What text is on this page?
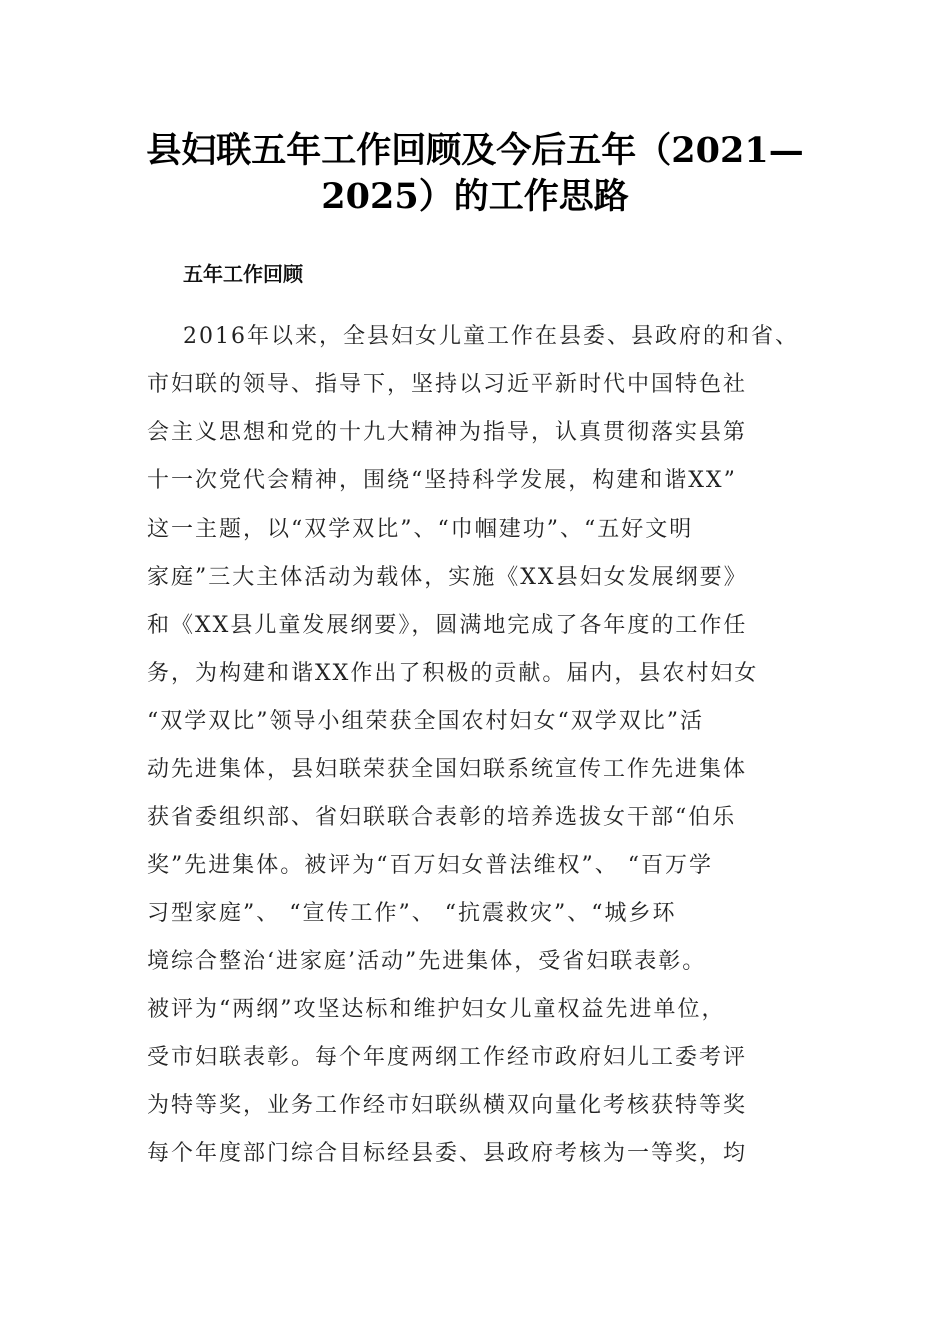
县妇联五年工作回顾及今后五年（2021—
2025）的工作思路
五年工作回顾
2016年以来，全县妇女儿童工作在县委、县政府的和省、
市妇联的领导、指导下，坚持以习近平新时代中国特色社
会主义思想和党的十九大精神为指导，认真贯彻落实县第
十一次党代会精神，围绕“坚持科学发展，构建和谐XX”
这一主题，以“双学双比”、“巾帼建功”、“五好文明
家庭”三大主体活动为载体，实施《XX县妇女发展纲要》
和《XX县儿童发展纲要》，圆满地完成了各年度的工作任
务，为构建和谐XX作出了积极的贡献。届内，县农村妇女
“双学双比”领导小组荣获全国农村妇女“双学双比”活
动先进集体，县妇联荣获全国妇联系统宣传工作先进集体
获省委组织部、省妇联联合表彰的培养选拔女干部“伯乐
奖”先进集体。被评为“百万妇女普法维权”、 “百万学
习型家庭”、 “宣传工作”、 “抗震救灾”、“城乡环
境综合整治‘进家庭’活动”先进集体，受省妇联表彰。
被评为“两纲”攻坚达标和维护妇女儿童权益先进单位，
受市妇联表彰。每个年度两纲工作经市政府妇儿工委考评
为特等奖，业务工作经市妇联纵横双向量化考核获特等奖
每个年度部门综合目标经县委、县政府考核为一等奖，均
